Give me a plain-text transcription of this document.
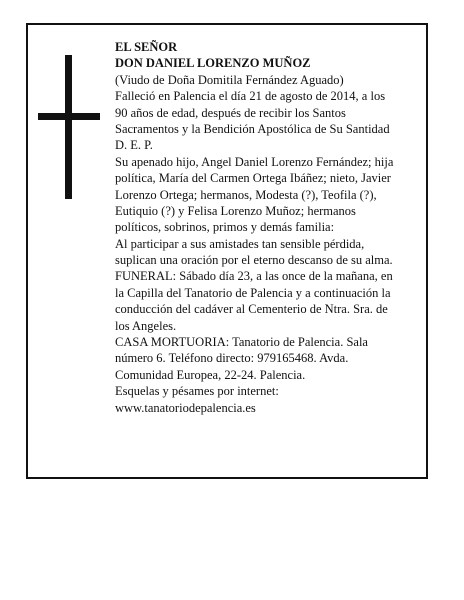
EL SEÑOR
DON DANIEL LORENZO MUÑOZ
(Viudo de Doña Domitila Fernández Aguado)
Falleció en Palencia el día 21 de agosto de 2014, a los
90 años de edad, después de recibir los Santos
Sacramentos y la Bendición Apostólica de Su Santidad
D. E. P.
Su apenado hijo, Angel Daniel Lorenzo Fernández; hija
política, María del Carmen Ortega Ibáñez; nieto, Javier
Lorenzo Ortega; hermanos, Modesta (?), Teofila (?),
Eutiquio (?) y Felisa Lorenzo Muñoz; hermanos
políticos, sobrinos, primos y demás familia:
Al participar a sus amistades tan sensible pérdida,
suplican una oración por el eterno descanso de su alma.
FUNERAL: Sábado día 23, a las once de la mañana, en
la Capilla del Tanatorio de Palencia y a continuación la
conducción del cadáver al Cementerio de Ntra. Sra. de
los Angeles.
CASA MORTUORIA: Tanatorio de Palencia. Sala
número 6. Teléfono directo: 979165468. Avda.
Comunidad Europea, 22-24. Palencia.
Esquelas y pésames por internet:
www.tanatoriodepalencia.es
